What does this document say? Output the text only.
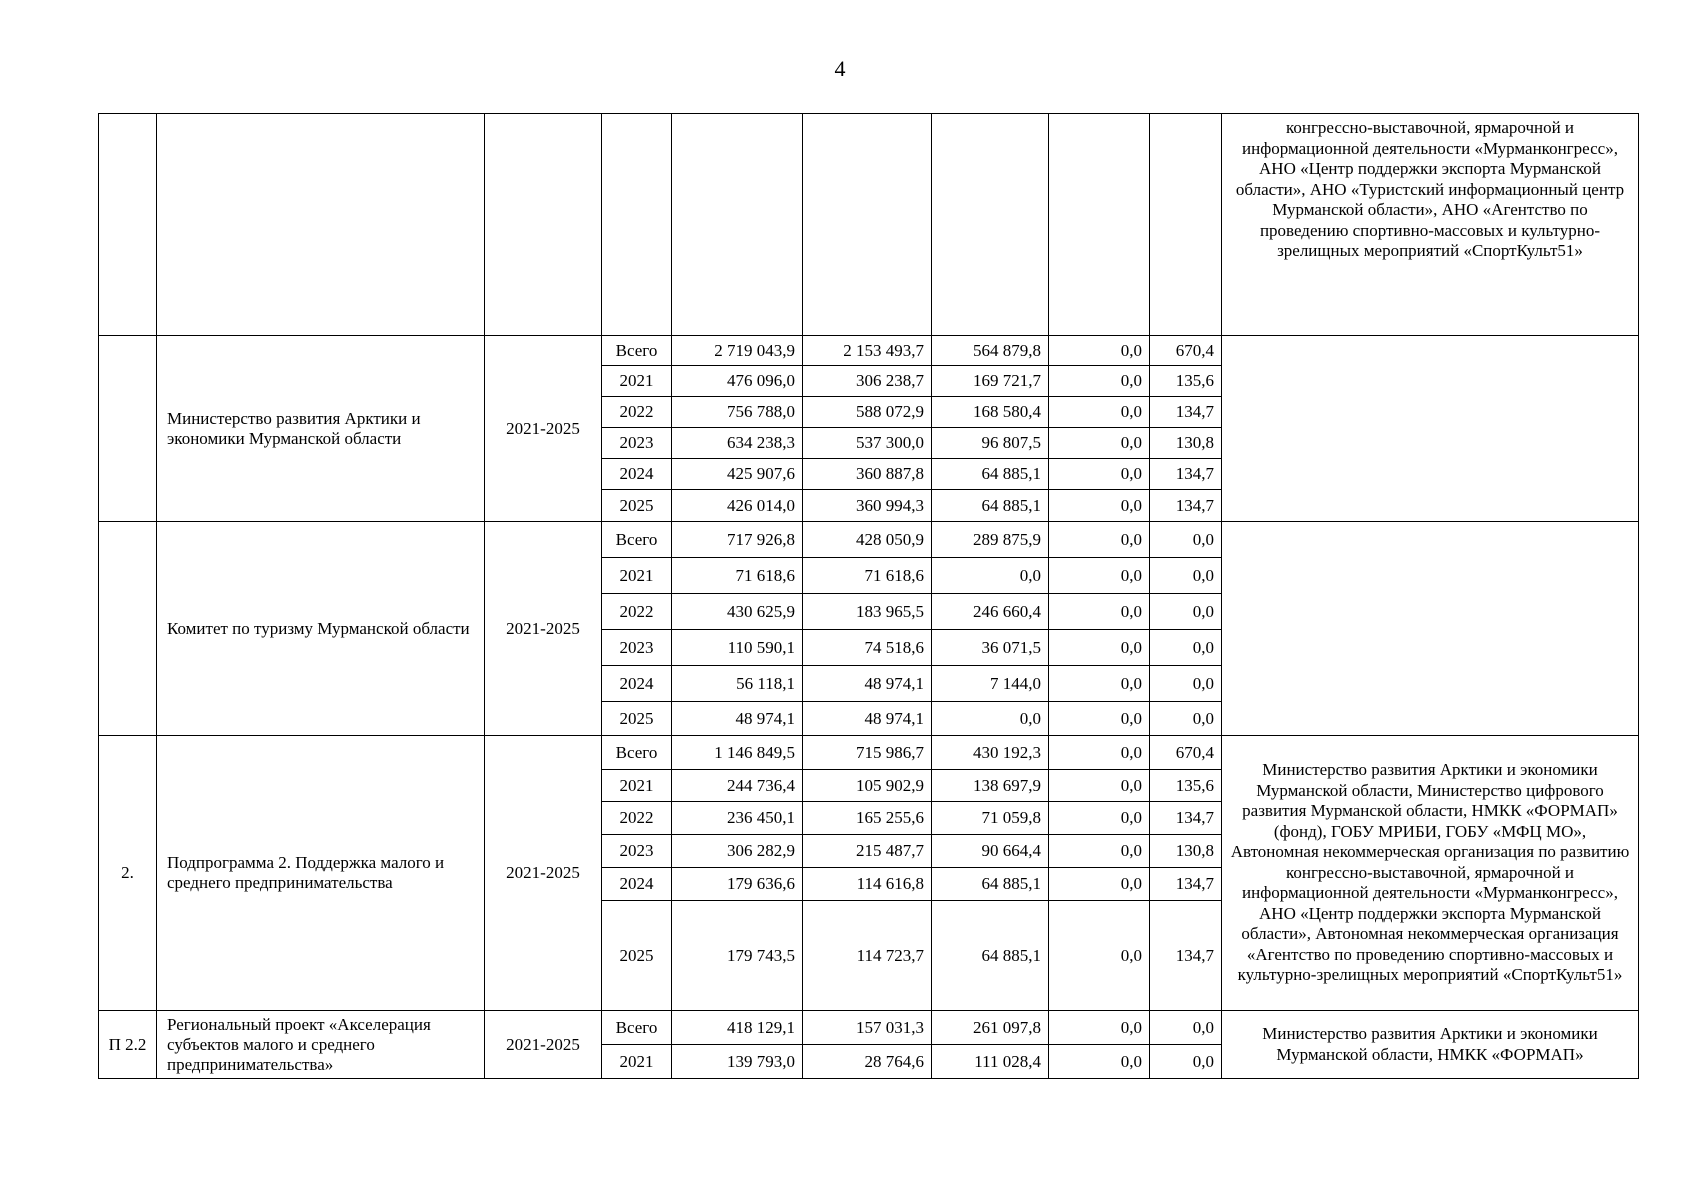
4
									конгрессно-выставочной, ярмарочной и информационной деятельности «Мурманконгресс», АНО «Центр поддержки экспорта Мурманской области», АНО «Туристский информационный центр Мурманской области», АНО «Агентство по проведению спортивно-массовых и культурно-зрелищных мероприятий «СпортКульт51»
	Министерство развития Арктики и экономики Мурманской области	2021-2025	Всего	2 719 043,9	2 153 493,7	564 879,8	0,0	670,4	
			2021	476 096,0	306 238,7	169 721,7	0,0	135,6	
			2022	756 788,0	588 072,9	168 580,4	0,0	134,7	
			2023	634 238,3	537 300,0	96 807,5	0,0	130,8	
			2024	425 907,6	360 887,8	64 885,1	0,0	134,7	
			2025	426 014,0	360 994,3	64 885,1	0,0	134,7	
	Комитет по туризму Мурманской области	2021-2025	Всего	717 926,8	428 050,9	289 875,9	0,0	0,0	
			2021	71 618,6	71 618,6	0,0	0,0	0,0	
			2022	430 625,9	183 965,5	246 660,4	0,0	0,0	
			2023	110 590,1	74 518,6	36 071,5	0,0	0,0	
			2024	56 118,1	48 974,1	7 144,0	0,0	0,0	
			2025	48 974,1	48 974,1	0,0	0,0	0,0	
2.	Подпрограмма 2. Поддержка малого и среднего предпринимательства	2021-2025	Всего	1 146 849,5	715 986,7	430 192,3	0,0	670,4	Министерство развития Арктики и экономики Мурманской области, Министерство цифрового развития Мурманской области, НМКК «ФОРМАП» (фонд), ГОБУ МРИБИ, ГОБУ «МФЦ МО», Автономная некоммерческая организация по развитию конгрессно-выставочной, ярмарочной и информационной деятельности «Мурманконгресс», АНО «Центр поддержки экспорта Мурманской области», Автономная некоммерческая организация «Агентство по проведению спортивно-массовых и культурно-зрелищных мероприятий «СпортКульт51»
			2021	244 736,4	105 902,9	138 697,9	0,0	135,6	
			2022	236 450,1	165 255,6	71 059,8	0,0	134,7	
			2023	306 282,9	215 487,7	90 664,4	0,0	130,8	
			2024	179 636,6	114 616,8	64 885,1	0,0	134,7	
			2025	179 743,5	114 723,7	64 885,1	0,0	134,7	
П 2.2	Региональный проект «Акселерация субъектов малого и среднего предпринимательства»	2021-2025	Всего	418 129,1	157 031,3	261 097,8	0,0	0,0	Министерство развития Арктики и экономики Мурманской области, НМКК «ФОРМАП»
			2021	139 793,0	28 764,6	111 028,4	0,0	0,0	
